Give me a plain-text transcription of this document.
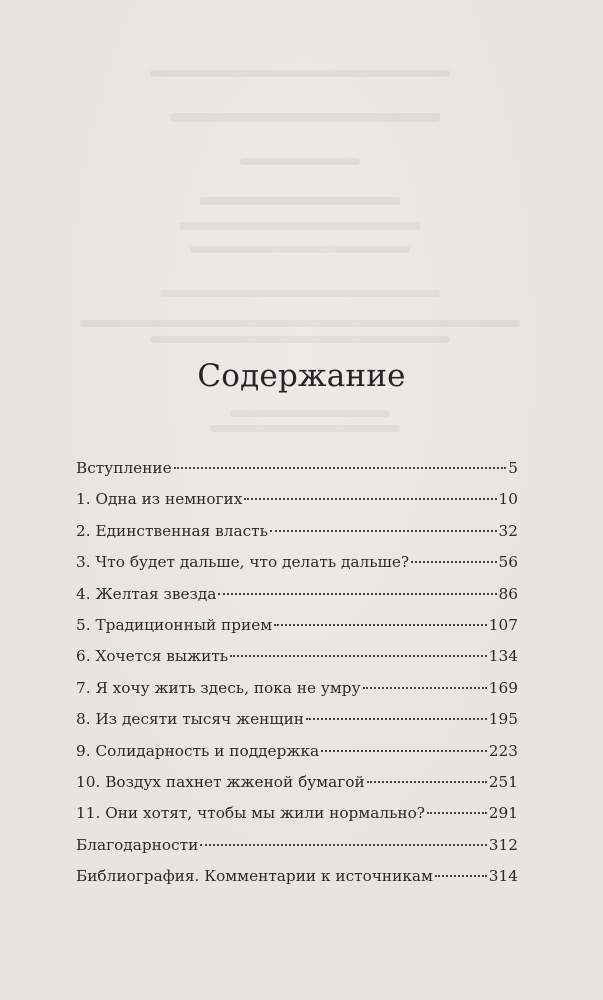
Содержание
Вступление	5
1. Одна из немногих	10
2. Единственная власть	32
3. Что будет дальше, что делать дальше?	56
4. Желтая звезда	86
5. Традиционный прием	107
6. Хочется выжить	134
7. Я хочу жить здесь, пока не умру	169
8. Из десяти тысяч женщин	195
9. Солидарность и поддержка	223
10. Воздух пахнет жженой бумагой	251
11. Они хотят, чтобы мы жили нормально?	291
Благодарности	312
Библиография. Комментарии к источникам	314
